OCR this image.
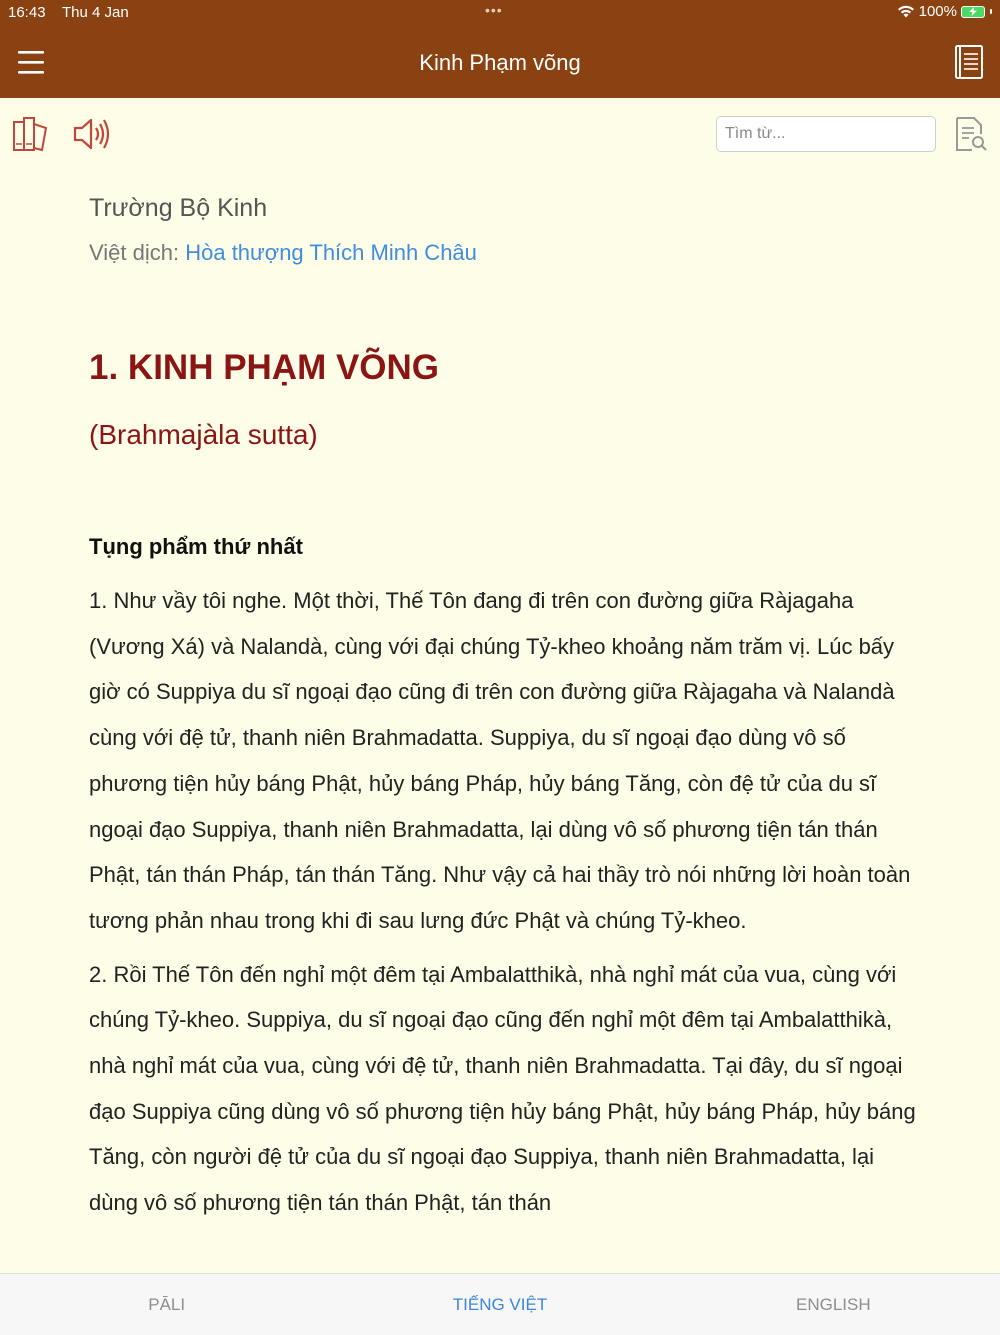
16:43 Thu 4 Jan	•••	100%
Kinh Phạm võng
Tìm từ...
Trường Bộ Kinh
Việt dịch: Hòa thượng Thích Minh Châu
1. KINH PHẠM VÕNG
(Brahmajàla sutta)
Tụng phẩm thứ nhất

1. Như vầy tôi nghe. Một thời, Thế Tôn đang đi trên con đường giữa Ràjagaha (Vương Xá) và Nalandà, cùng với đại chúng Tỷ-kheo khoảng năm trăm vị. Lúc bấy giờ có Suppiya du sĩ ngoại đạo cũng đi trên con đường giữa Ràjagaha và Nalandà cùng với đệ tử, thanh niên Brahmadatta. Suppiya, du sĩ ngoại đạo dùng vô số phương tiện hủy báng Phật, hủy báng Pháp, hủy báng Tăng, còn đệ tử của du sĩ ngoại đạo Suppiya, thanh niên Brahmadatta, lại dùng vô số phương tiện tán thán Phật, tán thán Pháp, tán thán Tăng. Như vậy cả hai thầy trò nói những lời hoàn toàn tương phản nhau trong khi đi sau lưng đức Phật và chúng Tỷ-kheo.

2. Rồi Thế Tôn đến nghỉ một đêm tại Ambalatthikà, nhà nghỉ mát của vua, cùng với chúng Tỷ-kheo. Suppiya, du sĩ ngoại đạo cũng đến nghỉ một đêm tại Ambalatthikà, nhà nghỉ mát của vua, cùng với đệ tử, thanh niên Brahmadatta. Tại đây, du sĩ ngoại đạo Suppiya cũng dùng vô số phương tiện hủy báng Phật, hủy báng Pháp, hủy báng Tăng, còn người đệ tử của du sĩ ngoại đạo Suppiya, thanh niên Brahmadatta, lại dùng vô số phương tiện tán thán Phật, tán thán

PĀLI	TIẾNG VIỆT	ENGLISH
